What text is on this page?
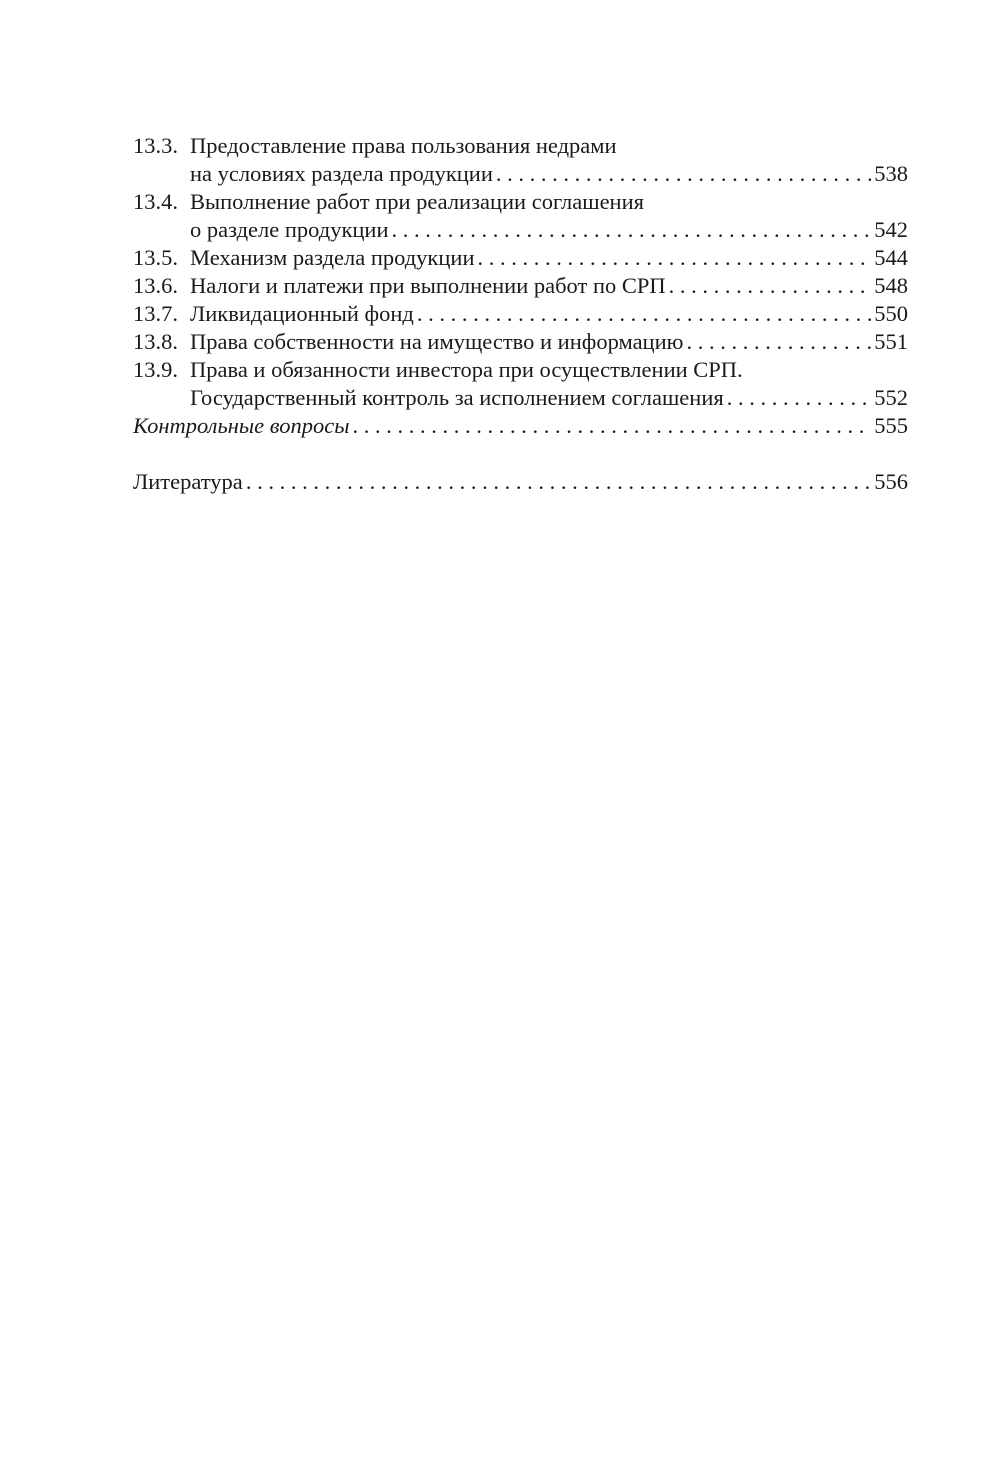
13.3. Предоставление права пользования недрами
на условиях раздела продукции . . .	538
13.4. Выполнение работ при реализации соглашения
о разделе продукции . . .	542
13.5. Механизм раздела продукции . . .	544
13.6. Налоги и платежи при выполнении работ по СРП . . .	548
13.7. Ликвидационный фонд . . .	550
13.8. Права собственности на имущество и информацию . . .	551
13.9. Права и обязанности инвестора при осуществлении СРП.
Государственный контроль за исполнением соглашения . . .	552
Контрольные вопросы . . .	555
Литература . . .	556
